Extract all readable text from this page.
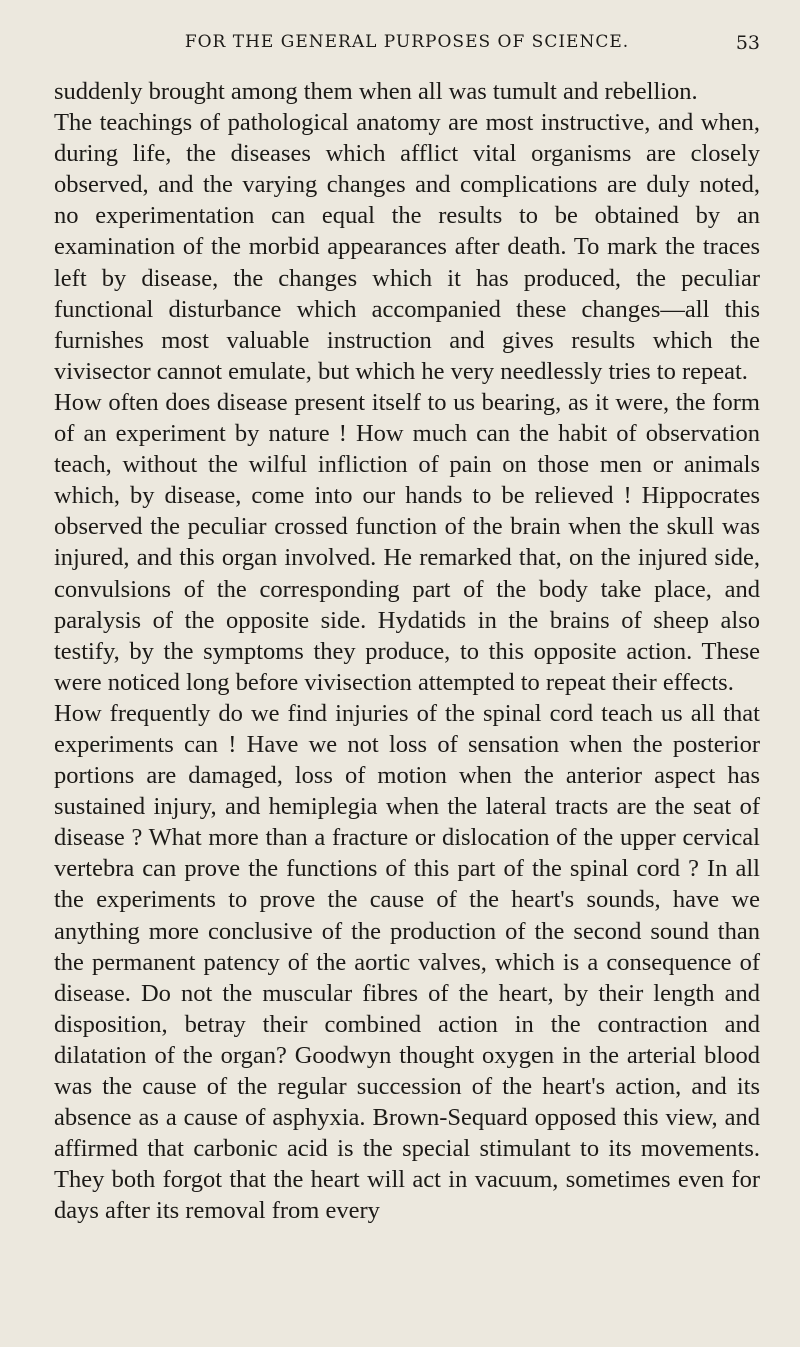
FOR THE GENERAL PURPOSES OF SCIENCE.	53

suddenly brought among them when all was tumult and rebellion.

The teachings of pathological anatomy are most instructive, and when, during life, the diseases which afflict vital organisms are closely observed, and the varying changes and complications are duly noted, no experimentation can equal the results to be obtained by an examination of the morbid appearances after death. To mark the traces left by disease, the changes which it has produced, the peculiar functional disturbance which accompanied these changes—all this furnishes most valuable instruction and gives results which the vivisector cannot emulate, but which he very needlessly tries to repeat.

How often does disease present itself to us bearing, as it were, the form of an experiment by nature ! How much can the habit of observation teach, without the wilful infliction of pain on those men or animals which, by disease, come into our hands to be relieved ! Hippocrates observed the peculiar crossed function of the brain when the skull was injured, and this organ involved. He remarked that, on the injured side, convulsions of the corresponding part of the body take place, and paralysis of the opposite side. Hydatids in the brains of sheep also testify, by the symptoms they produce, to this opposite action. These were noticed long before vivisection attempted to repeat their effects.

How frequently do we find injuries of the spinal cord teach us all that experiments can ! Have we not loss of sensation when the posterior portions are damaged, loss of motion when the anterior aspect has sustained injury, and hemiplegia when the lateral tracts are the seat of disease ? What more than a fracture or dislocation of the upper cervical vertebra can prove the functions of this part of the spinal cord ? In all the experiments to prove the cause of the heart's sounds, have we anything more conclusive of the production of the second sound than the permanent patency of the aortic valves, which is a consequence of disease. Do not the muscular fibres of the heart, by their length and disposition, betray their combined action in the contraction and dilatation of the organ? Goodwyn thought oxygen in the arterial blood was the cause of the regular succession of the heart's action, and its absence as a cause of asphyxia. Brown-Sequard opposed this view, and affirmed that carbonic acid is the special stimulant to its movements. They both forgot that the heart will act in vacuum, sometimes even for days after its removal from every
